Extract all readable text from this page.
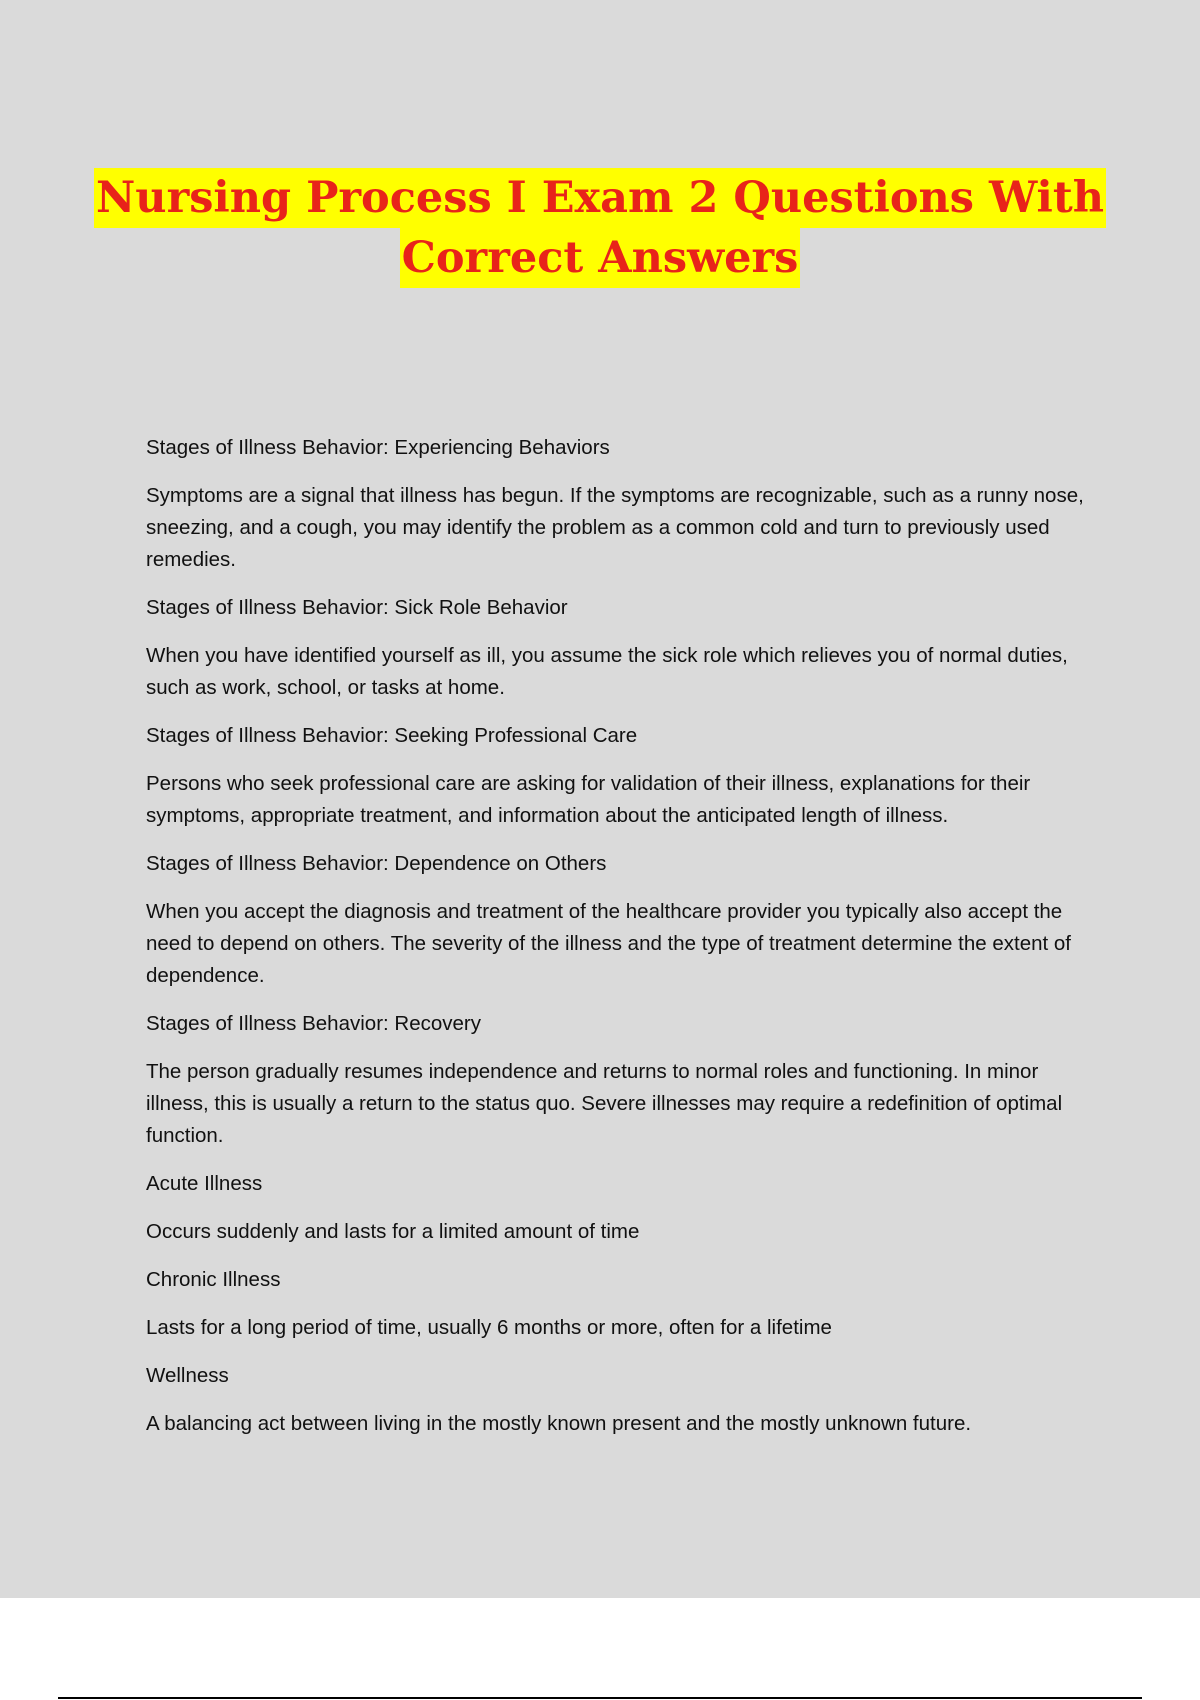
Nursing Process I Exam 2 Questions With
Correct Answers

Stages of Illness Behavior: Experiencing Behaviors

Symptoms are a signal that illness has begun. If the symptoms are recognizable, such as a runny nose, sneezing, and a cough, you may identify the problem as a common cold and turn to previously used remedies.

Stages of Illness Behavior: Sick Role Behavior

When you have identified yourself as ill, you assume the sick role which relieves you of normal duties, such as work, school, or tasks at home.

Stages of Illness Behavior: Seeking Professional Care

Persons who seek professional care are asking for validation of their illness, explanations for their symptoms, appropriate treatment, and information about the anticipated length of illness.

Stages of Illness Behavior: Dependence on Others

When you accept the diagnosis and treatment of the healthcare provider you typically also accept the need to depend on others. The severity of the illness and the type of treatment determine the extent of dependence.

Stages of Illness Behavior: Recovery

The person gradually resumes independence and returns to normal roles and functioning. In minor illness, this is usually a return to the status quo. Severe illnesses may require a redefinition of optimal function.

Acute Illness

Occurs suddenly and lasts for a limited amount of time

Chronic Illness

Lasts for a long period of time, usually 6 months or more, often for a lifetime

Wellness

A balancing act between living in the mostly known present and the mostly unknown future.
